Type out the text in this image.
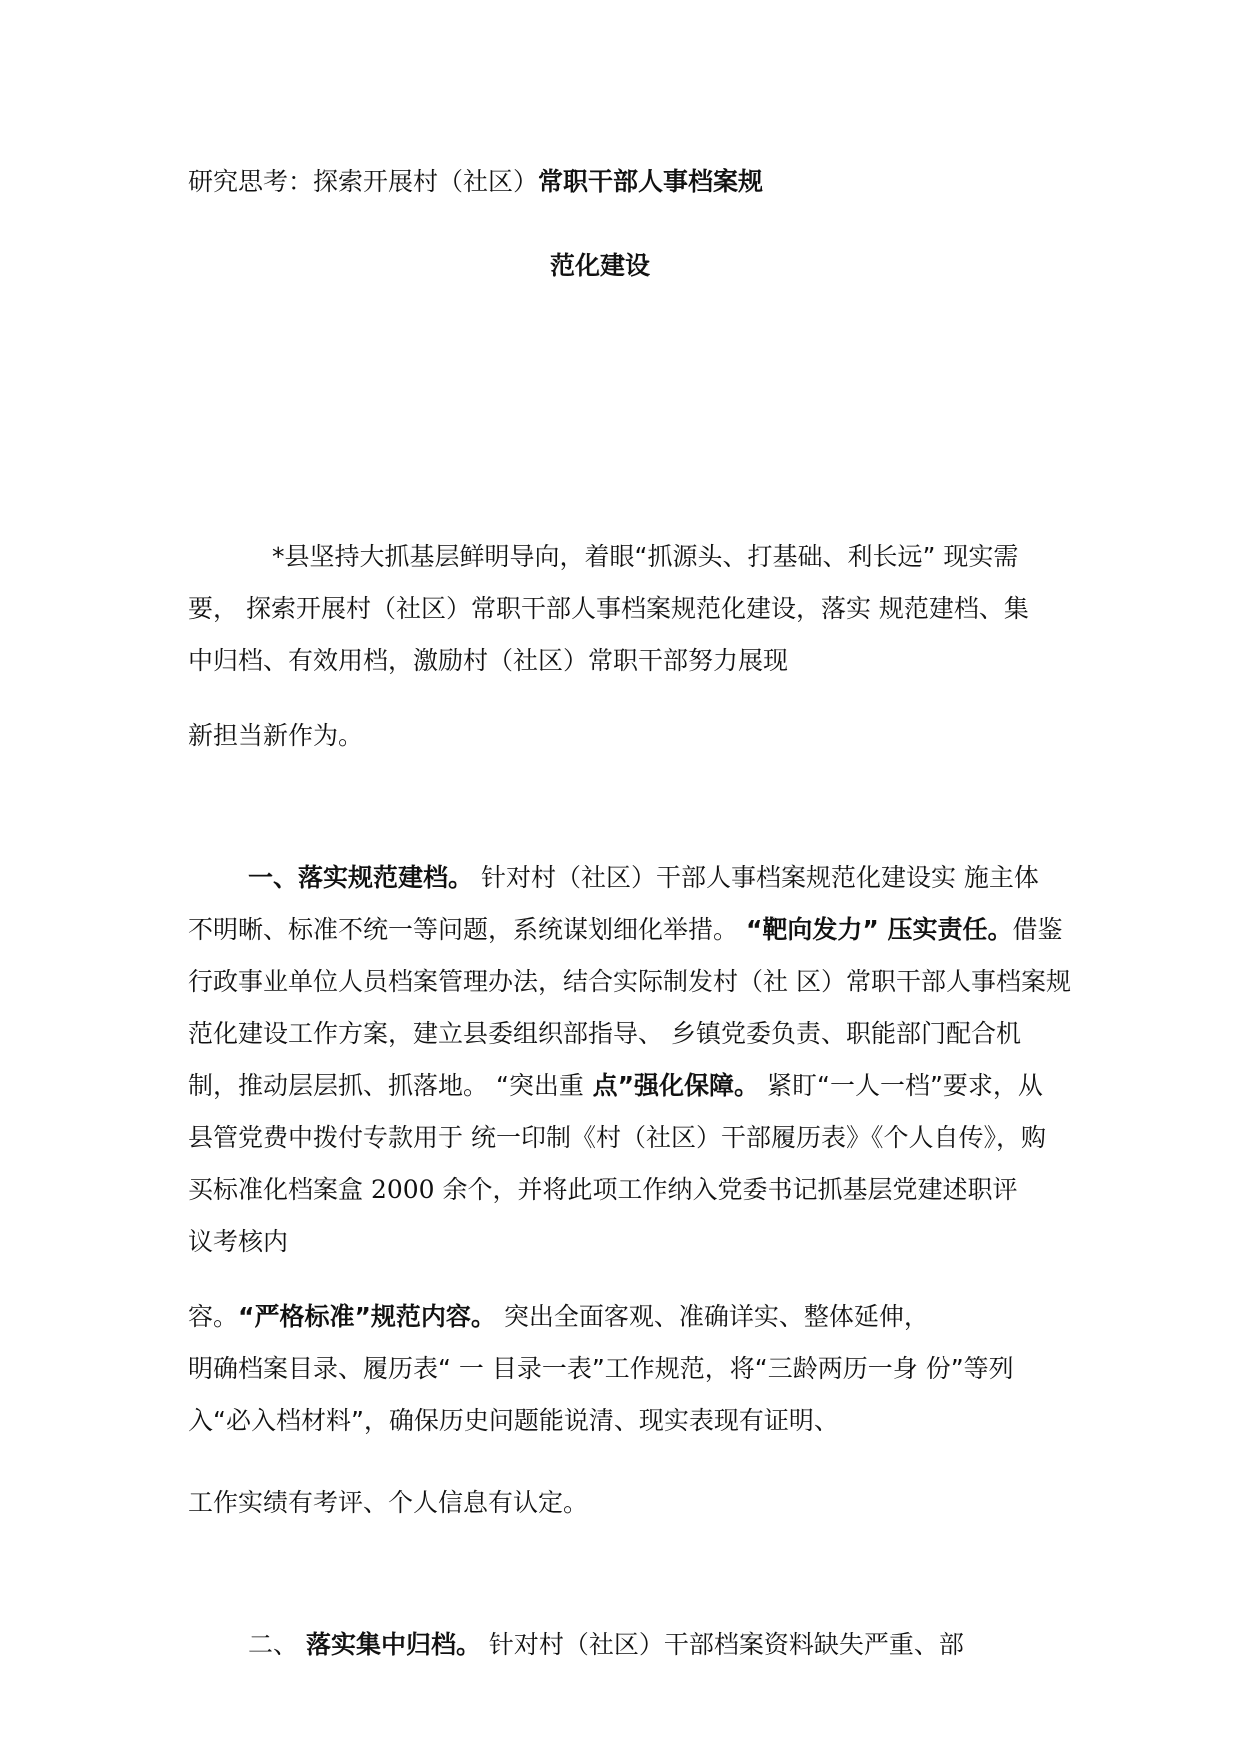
研究思考：探索开展村（社区）常职干部人事档案规
范化建设

*县坚持大抓基层鲜明导向，着眼“抓源头、打基础、利长远” 现实需

要， 探索开展村（社区）常职干部人事档案规范化建设，落实 规范建档、集

中归档、有效用档，激励村（社区）常职干部努力展现

新担当新作为。

一、落实规范建档。 针对村（社区）干部人事档案规范化建设实 施主体

不明晰、标准不统一等问题，系统谋划细化举措。 “靶向发力” 压实责任。借鉴

行政事业单位人员档案管理办法，结合实际制发村（社 区）常职干部人事档案规

范化建设工作方案，建立县委组织部指导、 乡镇党委负责、职能部门配合机

制，推动层层抓、抓落地。 “突出重 点”强化保障。 紧盯“一人一档”要求，从

县管党费中拨付专款用于 统一印制《村（社区）干部履历表》《个人自传》，购

买标准化档案盒 2000 余个，并将此项工作纳入党委书记抓基层党建述职评

议考核内

容。“严格标准”规范内容。 突出全面客观、准确详实、整体延伸，

明确档案目录、履历表“ 一 目录一表”工作规范，将“三龄两历一身 份”等列

入“必入档材料”，确保历史问题能说清、现实表现有证明、

工作实绩有考评、个人信息有认定。

二、 落实集中归档。 针对村（社区）干部档案资料缺失严重、部
